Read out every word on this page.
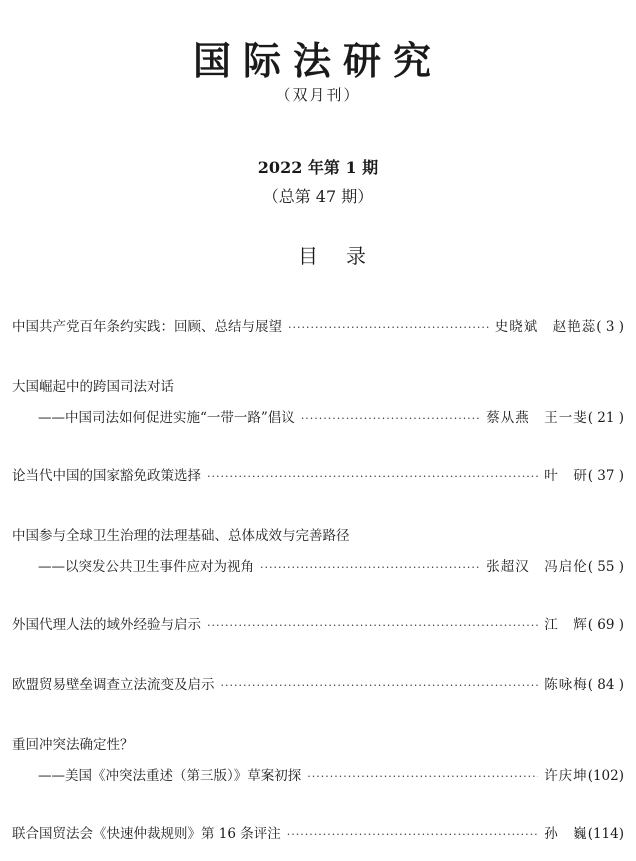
国际法研究
（双月刊）
2022 年第 1 期
（总第 47 期）
目录
中国共产党百年条约实践：回顾、总结与展望 ·····	史晓斌　赵艳蕊 ( 3 )
大国崛起中的跨国司法对话
——中国司法如何促进实施“一带一路”倡议 ·····	蔡从燕　王一斐 ( 21 )
论当代中国的国家豁免政策选择 ·····	叶　研 ( 37 )
中国参与全球卫生治理的法理基础、总体成效与完善路径
——以突发公共卫生事件应对为视角 ·····	张超汉　冯启伦 ( 55 )
外国代理人法的域外经验与启示 ·····	江　辉 ( 69 )
欧盟贸易壁垒调查立法流变及启示 ·····	陈咏梅 ( 84 )
重回冲突法确定性？
——美国《冲突法重述（第三版）》草案初探 ·····	许庆坤 (102)
联合国贸法会《快速仲裁规则》第 16 条评注 ·····	孙　巍 (114)
